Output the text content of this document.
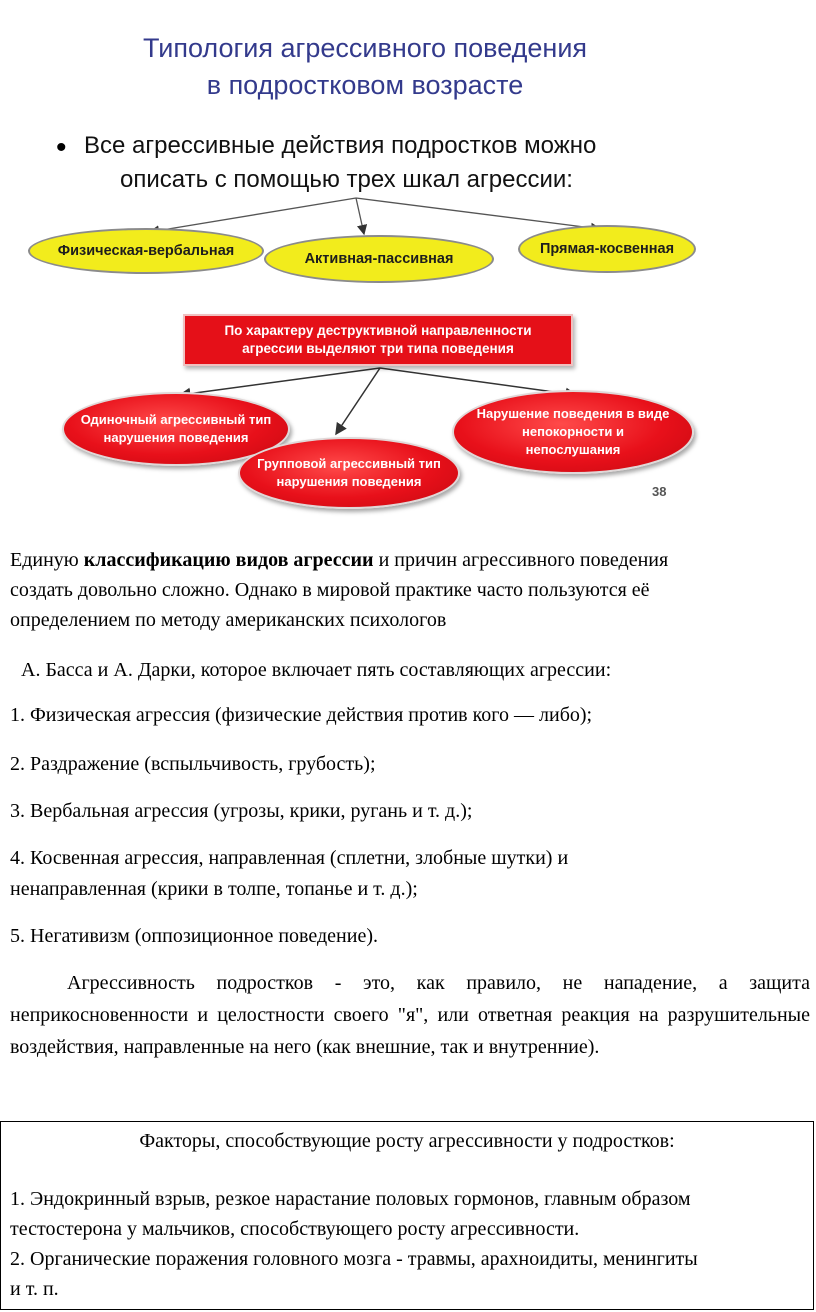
Типология агрессивного поведения
в подростковом возрасте
• Все агрессивные действия подростков можно
описать с помощью трех шкал агрессии:
Физическая-вербальная	Активная-пассивная
Прямая-косвенная
По характеру деструктивной направленности
агрессии выделяют три типа поведения
Одиночный агрессивный тип
нарушения поведения
Групповой агрессивный тип
нарушения поведения
Нарушение поведения в виде
непокорности и
непослушания
38
Единую классификацию видов агрессии и причин агрессивного поведения
создать довольно сложно. Однако в мировой практике часто пользуются её
определением по методу американских психологов
А. Басса и А. Дарки, которое включает пять составляющих агрессии:
1. Физическая агрессия (физические действия против кого — либо);
2. Раздражение (вспыльчивость, грубость);
3. Вербальная агрессия (угрозы, крики, ругань и т. д.);
4. Косвенная агрессия, направленная (сплетни, злобные шутки) и
ненаправленная (крики в толпе, топанье и т. д.);
5. Негативизм (оппозиционное поведение).
Агрессивность подростков - это, как правило, не нападение, а защита неприкосновенности и целостности своего "я", или ответная реакция на разрушительные воздействия, направленные на него (как внешние, так и внутренние).
Факторы, способствующие росту агрессивности у подростков:
1. Эндокринный взрыв, резкое нарастание половых гормонов, главным образом
тестостерона у мальчиков, способствующего росту агрессивности.
2. Органические поражения головного мозга - травмы, арахноидиты, менингиты
и т. п.
